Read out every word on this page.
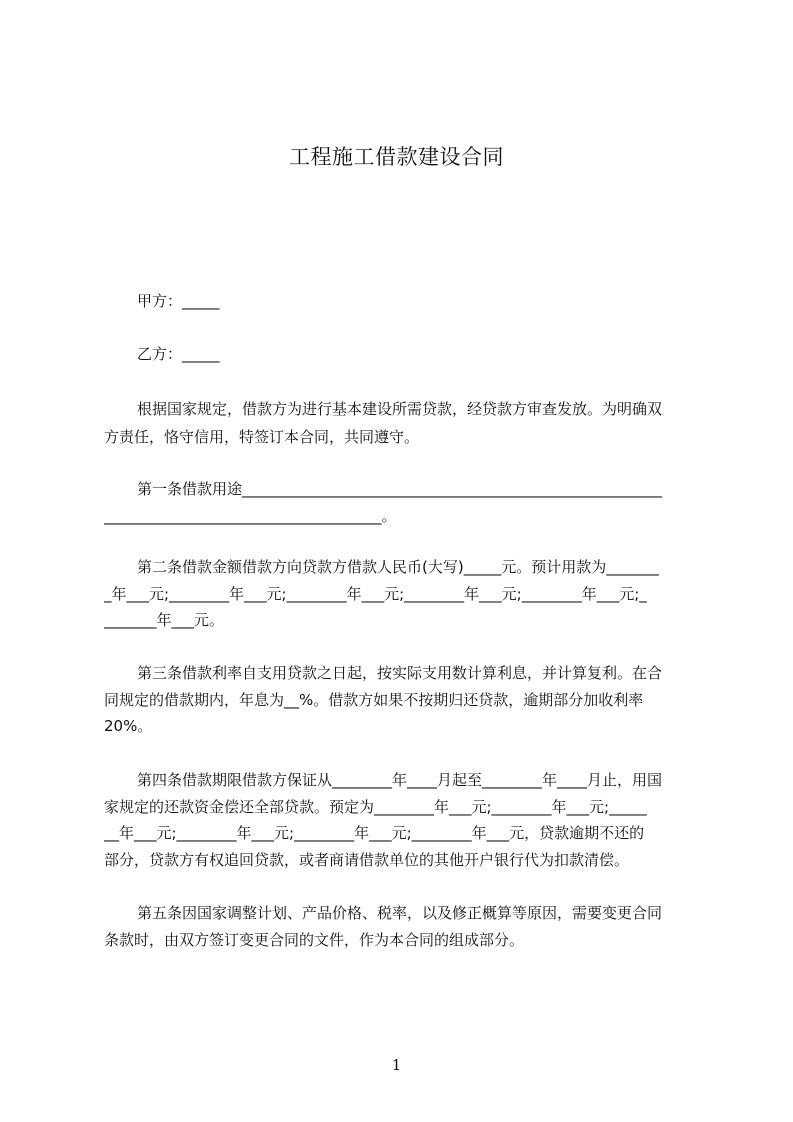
工程施工借款建设合同
甲方：_____
乙方：_____
根据国家规定，借款方为进行基本建设所需贷款，经贷款方审查发放。为明确双
方责任，恪守信用，特签订本合同，共同遵守。
第一条借款用途________________________________________________________
_____________________________________。
第二条借款金额借款方向贷款方借款人民币(大写)_____元。预计用款为_______
_年___元;________年___元;________年___元;________年___元;________年___元;_
_______年___元。
第三条借款利率自支用贷款之日起，按实际支用数计算利息，并计算复利。在合
同规定的借款期内，年息为__%。借款方如果不按期归还贷款，逾期部分加收利率
20%。
第四条借款期限借款方保证从________年____月起至________年____月止，用国
家规定的还款资金偿还全部贷款。预定为________年___元;________年___元;_____
__年___元;________年___元;________年___元;________年___元，贷款逾期不还的
部分，贷款方有权追回贷款，或者商请借款单位的其他开户银行代为扣款清偿。
第五条因国家调整计划、产品价格、税率，以及修正概算等原因，需要变更合同
条款时，由双方签订变更合同的文件，作为本合同的组成部分。
1
